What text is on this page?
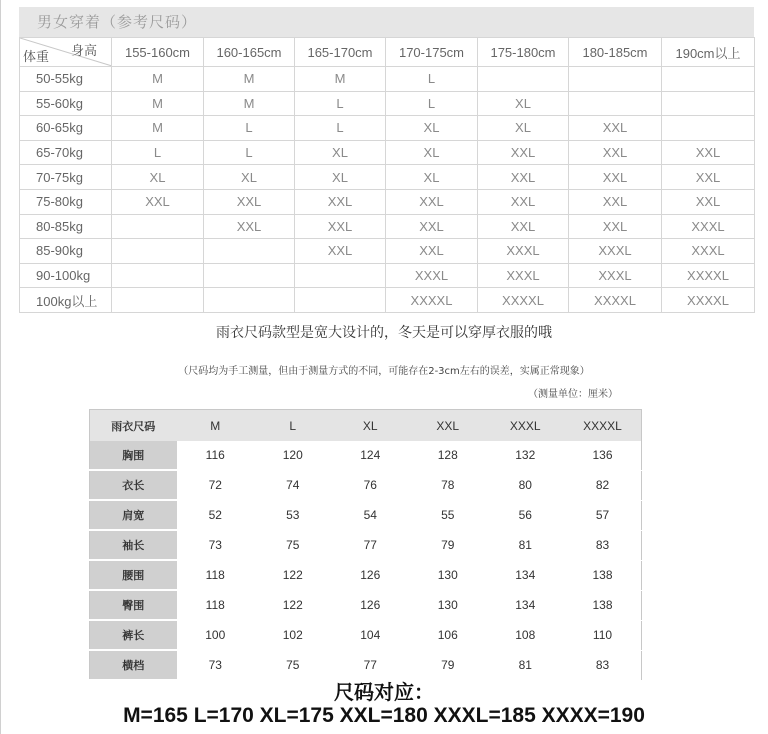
男女穿着（参考尺码）
身高
体重	155-160cm	160-165cm	165-170cm	170-175cm	175-180cm	180-185cm	190cm以上
50-55kg	M	M	M	L			
55-60kg	M	M	L	L	XL		
60-65kg	M	L	L	XL	XL	XXL	
65-70kg	L	L	XL	XL	XXL	XXL	XXL
70-75kg	XL	XL	XL	XL	XXL	XXL	XXL
75-80kg	XXL	XXL	XXL	XXL	XXL	XXL	XXL
80-85kg		XXL	XXL	XXL	XXL	XXL	XXXL
85-90kg			XXL	XXL	XXXL	XXXL	XXXL
90-100kg				XXXL	XXXL	XXXL	XXXXL
100kg以上				XXXXL	XXXXL	XXXXL	XXXXL
雨衣尺码款型是宽大设计的，冬天是可以穿厚衣服的哦
（尺码均为手工测量，但由于测量方式的不同，可能存在2-3cm左右的误差，实属正常现象）
（测量单位：厘米）
雨衣尺码	M	L	XL	XXL	XXXL	XXXXL
胸围	116	120	124	128	132	136
衣长	72	74	76	78	80	82
肩宽	52	53	54	55	56	57
袖长	73	75	77	79	81	83
腰围	118	122	126	130	134	138
臀围	118	122	126	130	134	138
裤长	100	102	104	106	108	110
横档	73	75	77	79	81	83
尺码对应：
M=165 L=170 XL=175 XXL=180 XXXL=185 XXXX=190
